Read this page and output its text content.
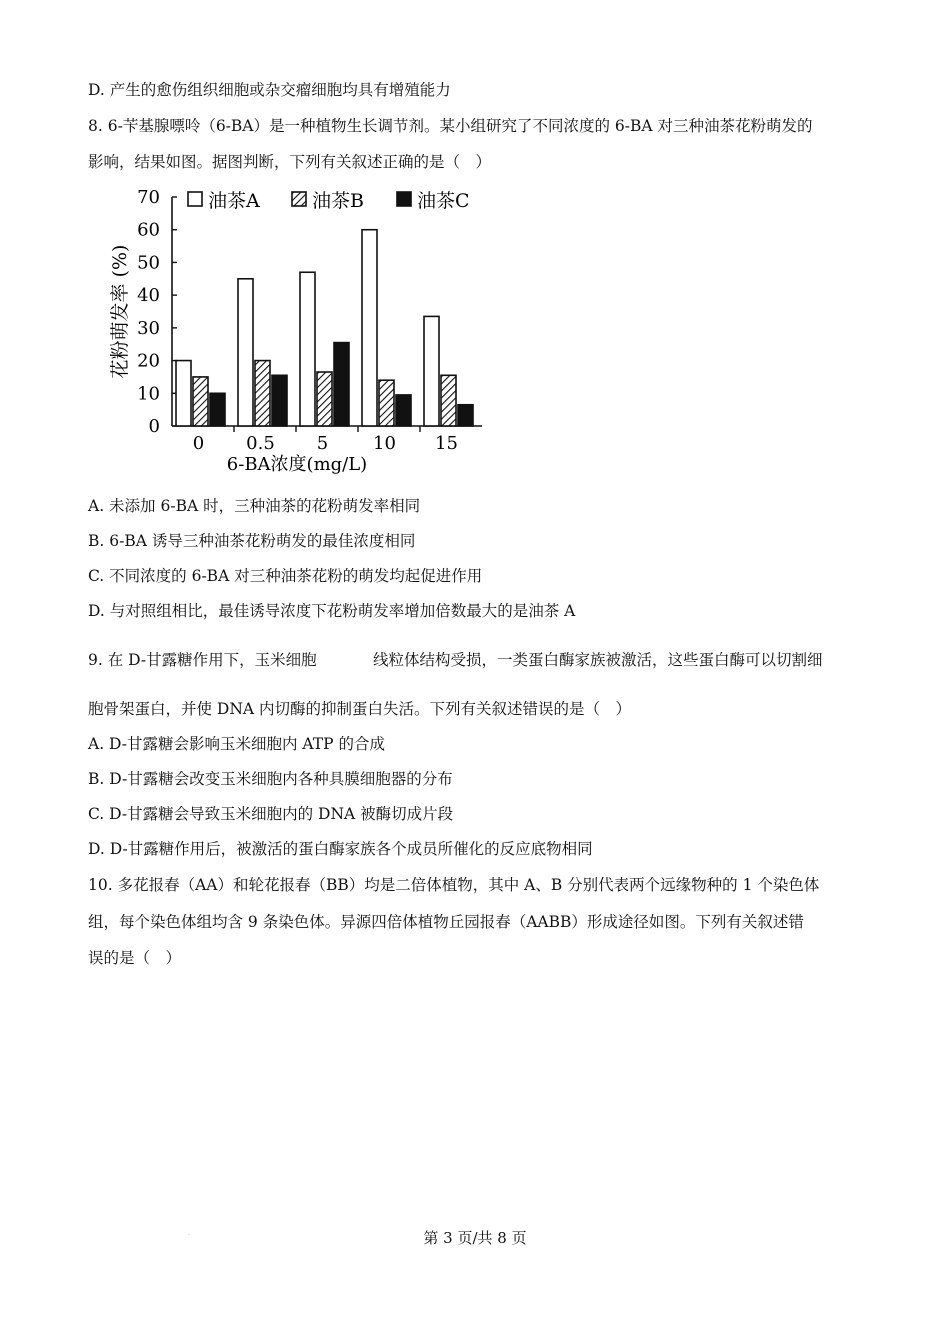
D. 产生的愈伤组织细胞或杂交瘤细胞均具有增殖能力
8. 6-苄基腺嘌呤（6-BA）是一种植物生长调节剂。某小组研究了不同浓度的 6-BA 对三种油茶花粉萌发的
影响，结果如图。据图判断，下列有关叙述正确的是（　）
0
10
20
30
40
50
60
70
0 0.5 5 10 15
油茶A	油茶B	油茶C
花粉萌发率 (%)
6-BA浓度(mg/L)
A. 未添加 6-BA 时，三种油茶的花粉萌发率相同
B. 6-BA 诱导三种油茶花粉萌发的最佳浓度相同
C. 不同浓度的 6-BA 对三种油茶花粉的萌发均起促进作用
D. 与对照组相比，最佳诱导浓度下花粉萌发率增加倍数最大的是油茶 A
9. 在 D-甘露糖作用下，玉米细胞	线粒体结构受损，一类蛋白酶家族被激活，这些蛋白酶可以切割细
胞骨架蛋白，并使 DNA 内切酶的抑制蛋白失活。下列有关叙述错误的是（　）
A. D-甘露糖会影响玉米细胞内 ATP 的合成
B. D-甘露糖会改变玉米细胞内各种具膜细胞器的分布
C. D-甘露糖会导致玉米细胞内的 DNA 被酶切成片段
D. D-甘露糖作用后，被激活的蛋白酶家族各个成员所催化的反应底物相同
10. 多花报春（AA）和轮花报春（BB）均是二倍体植物，其中 A、B 分别代表两个远缘物种的 1 个染色体
组，每个染色体组均含 9 条染色体。异源四倍体植物丘园报春（AABB）形成途径如图。下列有关叙述错
误的是（　）
.	第 3 页/共 8 页
